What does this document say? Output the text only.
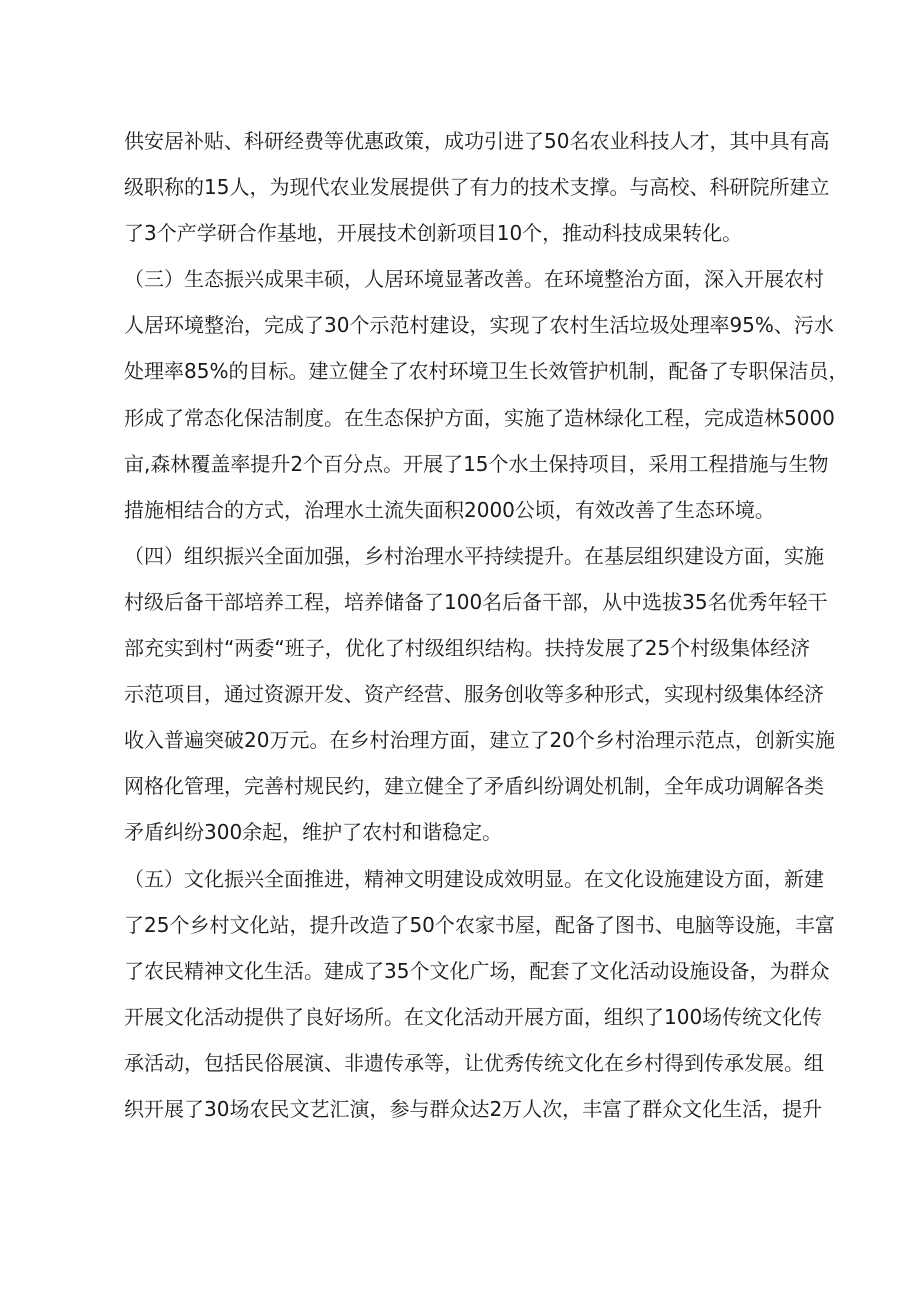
供安居补贴、科研经费等优惠政策，成功引进了50名农业科技人才，其中具有高
级职称的15人，为现代农业发展提供了有力的技术支撑。与高校、科研院所建立
了3个产学研合作基地，开展技术创新项目10个，推动科技成果转化。
（三）生态振兴成果丰硕，人居环境显著改善。在环境整治方面，深入开展农村
人居环境整治，完成了30个示范村建设，实现了农村生活垃圾处理率95%、污水
处理率85%的目标。建立健全了农村环境卫生长效管护机制，配备了专职保洁员，
形成了常态化保洁制度。在生态保护方面，实施了造林绿化工程，完成造林5000
亩,森林覆盖率提升2个百分点。开展了15个水土保持项目，采用工程措施与生物
措施相结合的方式，治理水土流失面积2000公顷，有效改善了生态环境。
（四）组织振兴全面加强，乡村治理水平持续提升。在基层组织建设方面，实施
村级后备干部培养工程，培养储备了100名后备干部，从中选拔35名优秀年轻干
部充实到村“两委“班子，优化了村级组织结构。扶持发展了25个村级集体经济
示范项目，通过资源开发、资产经营、服务创收等多种形式，实现村级集体经济
收入普遍突破20万元。在乡村治理方面，建立了20个乡村治理示范点，创新实施
网格化管理，完善村规民约，建立健全了矛盾纠纷调处机制，全年成功调解各类
矛盾纠纷300余起，维护了农村和谐稳定。
（五）文化振兴全面推进，精神文明建设成效明显。在文化设施建设方面，新建
了25个乡村文化站，提升改造了50个农家书屋，配备了图书、电脑等设施，丰富
了农民精神文化生活。建成了35个文化广场，配套了文化活动设施设备，为群众
开展文化活动提供了良好场所。在文化活动开展方面，组织了100场传统文化传
承活动，包括民俗展演、非遗传承等，让优秀传统文化在乡村得到传承发展。组
织开展了30场农民文艺汇演，参与群众达2万人次，丰富了群众文化生活，提升
